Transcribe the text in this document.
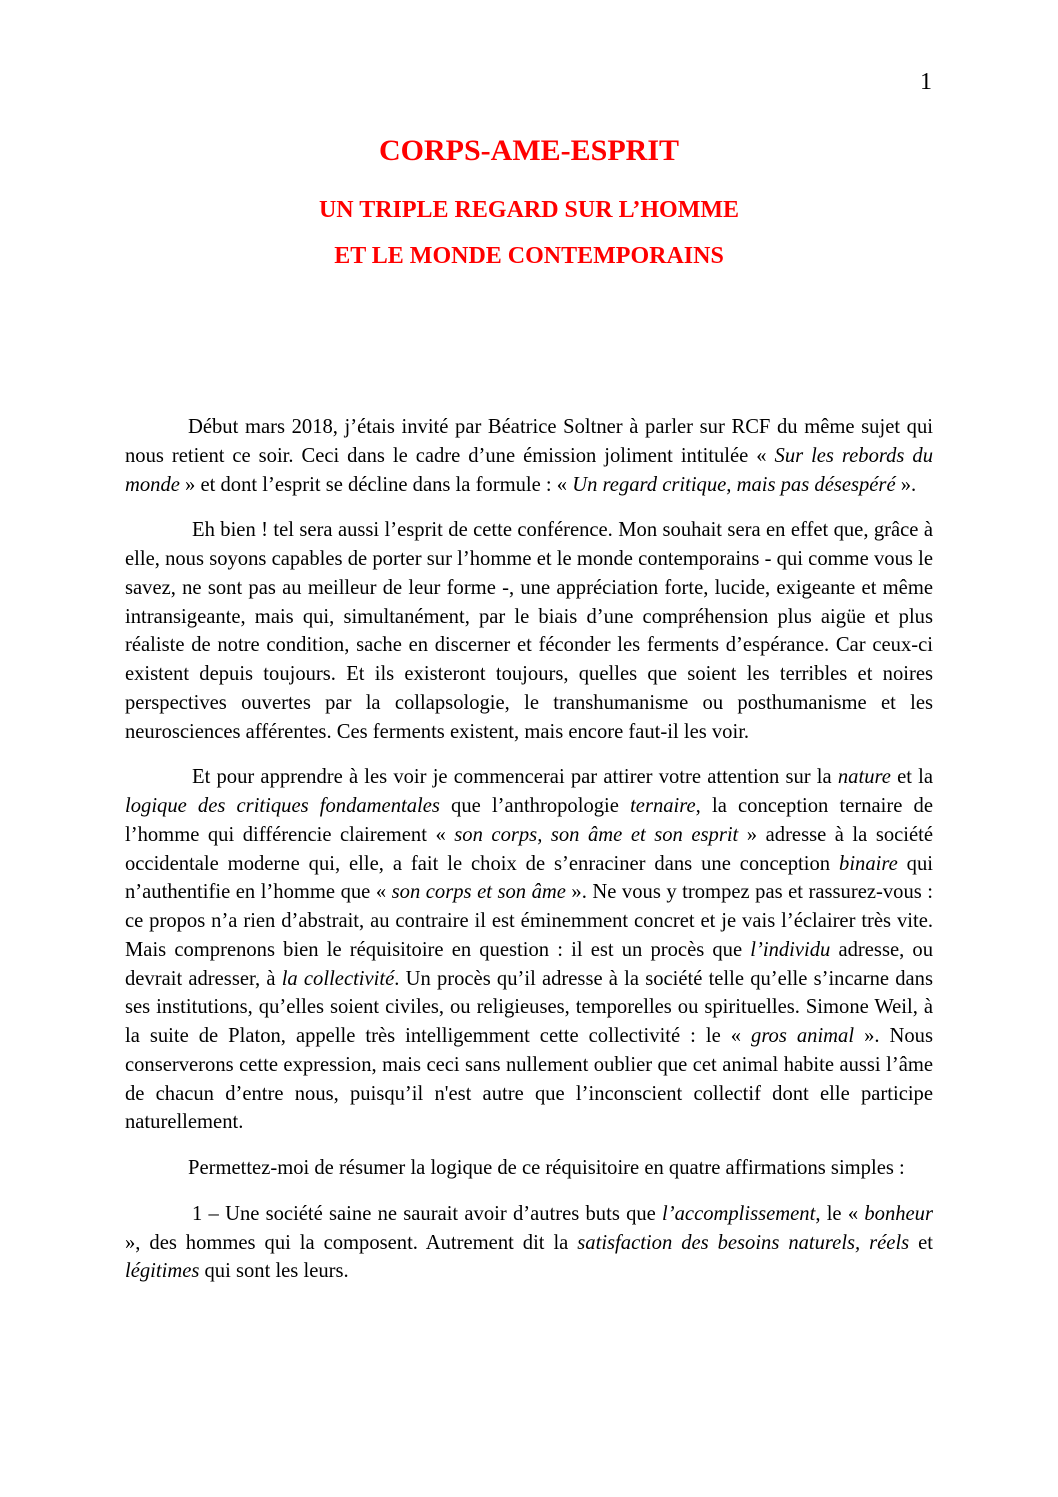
1
CORPS-AME-ESPRIT
UN TRIPLE REGARD SUR L’HOMME
ET LE MONDE CONTEMPORAINS

Début mars 2018, j’étais invité par Béatrice Soltner à parler sur RCF du même sujet qui nous retient ce soir. Ceci dans le cadre d’une émission joliment intitulée « Sur les rebords du monde » et dont l’esprit se décline dans la formule : « Un regard critique, mais pas désespéré ».

Eh bien ! tel sera aussi l’esprit de cette conférence. Mon souhait sera en effet que, grâce à elle, nous soyons capables de porter sur l’homme et le monde contemporains - qui comme vous le savez, ne sont pas au meilleur de leur forme -, une appréciation forte, lucide, exigeante et même intransigeante, mais qui, simultanément, par le biais d’une compréhension plus aigüe et plus réaliste de notre condition, sache en discerner et féconder les ferments d’espérance. Car ceux-ci existent depuis toujours. Et ils existeront toujours, quelles que soient les terribles et noires perspectives ouvertes par la collapsologie, le transhumanisme ou posthumanisme et les neurosciences afférentes. Ces ferments existent, mais encore faut-il les voir.

Et pour apprendre à les voir je commencerai par attirer votre attention sur la nature et la logique des critiques fondamentales que l’anthropologie ternaire, la conception ternaire de l’homme qui différencie clairement « son corps, son âme et son esprit » adresse à la société occidentale moderne qui, elle, a fait le choix de s’enraciner dans une conception binaire qui n’authentifie en l’homme que « son corps et son âme ». Ne vous y trompez pas et rassurez-vous : ce propos n’a rien d’abstrait, au contraire il est éminemment concret et je vais l’éclairer très vite. Mais comprenons bien le réquisitoire en question : il est un procès que l’individu adresse, ou devrait adresser, à la collectivité. Un procès qu’il adresse à la société telle qu’elle s’incarne dans ses institutions, qu’elles soient civiles, ou religieuses, temporelles ou spirituelles. Simone Weil, à la suite de Platon, appelle très intelligemment cette collectivité : le « gros animal ». Nous conserverons cette expression, mais ceci sans nullement oublier que cet animal habite aussi l’âme de chacun d’entre nous, puisqu’il n'est autre que l’inconscient collectif dont elle participe naturellement.

Permettez-moi de résumer la logique de ce réquisitoire en quatre affirmations simples :

1 – Une société saine ne saurait avoir d’autres buts que l’accomplissement, le « bonheur », des hommes qui la composent. Autrement dit la satisfaction des besoins naturels, réels et légitimes qui sont les leurs.
